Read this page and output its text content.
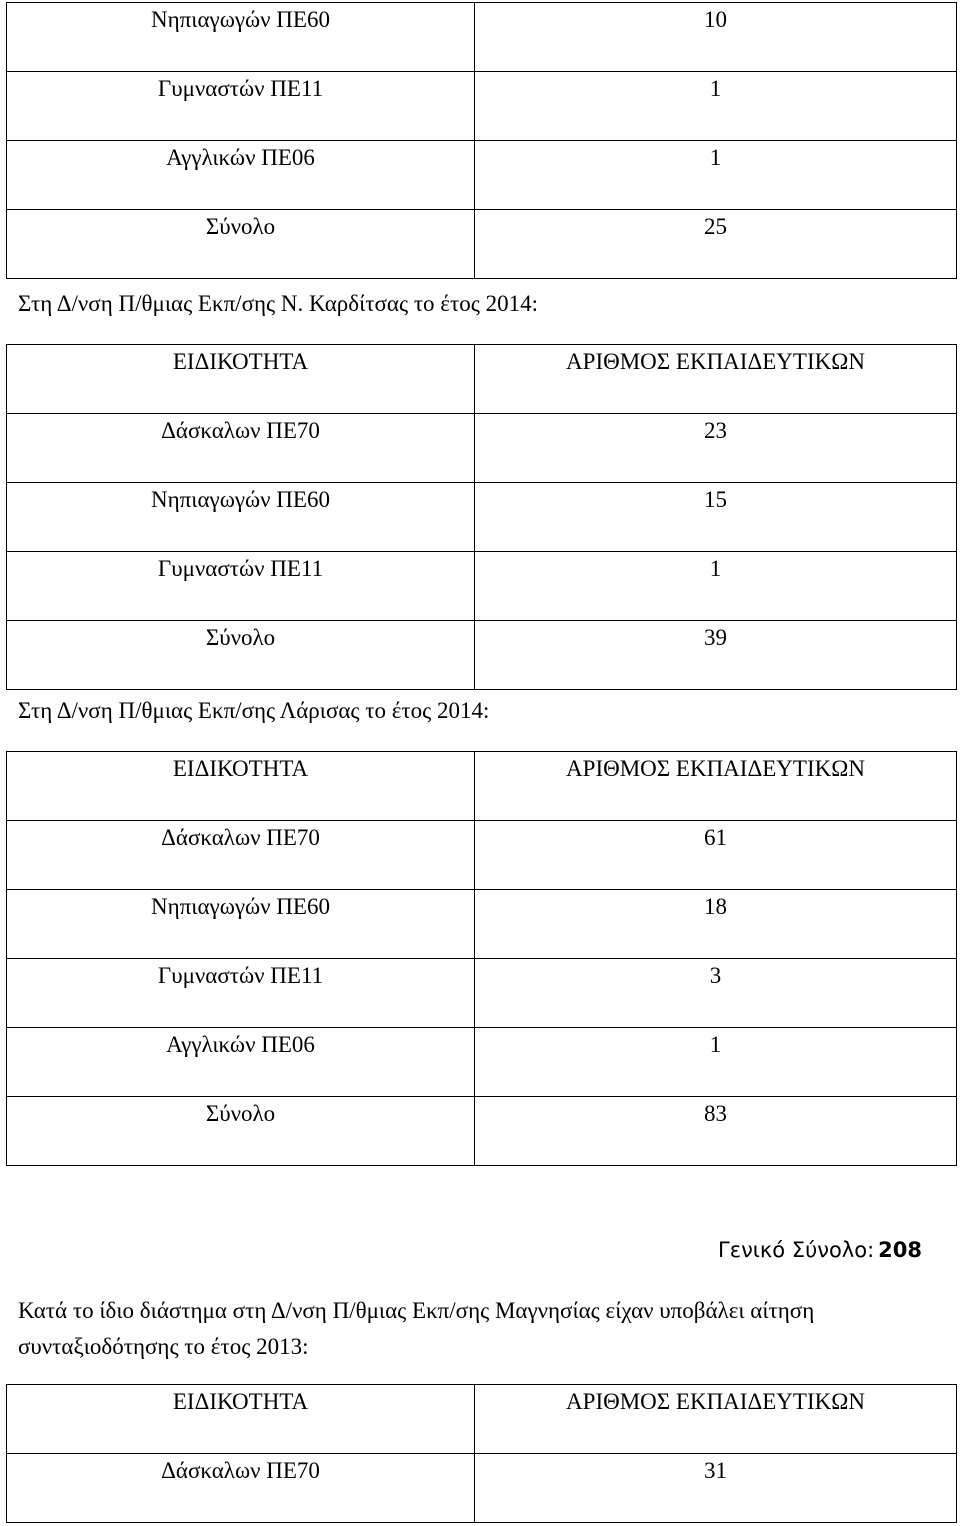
Νηπιαγωγών ΠΕ60	10

Γυμναστών ΠΕ11	1

Αγγλικών ΠΕ06	1

Σύνολο	25
Στη Δ/νση Π/θμιας Εκπ/σης Ν. Καρδίτσας το έτος 2014:
ΕΙΔΙΚΟΤΗΤΑ	ΑΡΙΘΜΟΣ ΕΚΠΑΙΔΕΥΤΙΚΩΝ

Δάσκαλων ΠΕ70	23

Νηπιαγωγών ΠΕ60	15

Γυμναστών ΠΕ11	1

Σύνολο	39
Στη Δ/νση Π/θμιας Εκπ/σης Λάρισας το έτος 2014:
ΕΙΔΙΚΟΤΗΤΑ	ΑΡΙΘΜΟΣ ΕΚΠΑΙΔΕΥΤΙΚΩΝ

Δάσκαλων ΠΕ70	61

Νηπιαγωγών ΠΕ60	18

Γυμναστών ΠΕ11	3

Αγγλικών ΠΕ06	1

Σύνολο	83
Γενικό Σύνολο: 208
Κατά το ίδιο διάστημα στη Δ/νση Π/θμιας Εκπ/σης Μαγνησίας είχαν υποβάλει αίτηση συνταξιοδότησης το έτος 2013:
ΕΙΔΙΚΟΤΗΤΑ	ΑΡΙΘΜΟΣ ΕΚΠΑΙΔΕΥΤΙΚΩΝ

Δάσκαλων ΠΕ70	31
